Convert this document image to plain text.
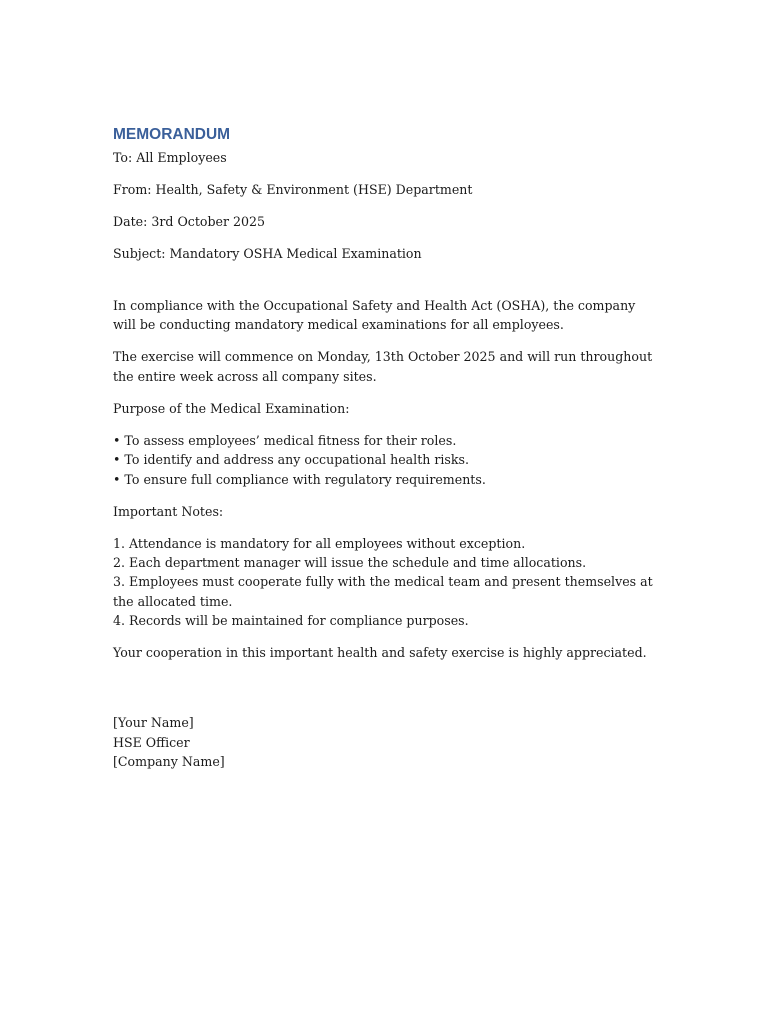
MEMORANDUM
To: All Employees
From: Health, Safety & Environment (HSE) Department
Date: 3rd October 2025
Subject: Mandatory OSHA Medical Examination
In compliance with the Occupational Safety and Health Act (OSHA), the company will be conducting mandatory medical examinations for all employees.
The exercise will commence on Monday, 13th October 2025 and will run throughout the entire week across all company sites.
Purpose of the Medical Examination:
• To assess employees’ medical fitness for their roles.
• To identify and address any occupational health risks.
• To ensure full compliance with regulatory requirements.
Important Notes:
1. Attendance is mandatory for all employees without exception.
2. Each department manager will issue the schedule and time allocations.
3. Employees must cooperate fully with the medical team and present themselves at the allocated time.
4. Records will be maintained for compliance purposes.
Your cooperation in this important health and safety exercise is highly appreciated.
[Your Name]
HSE Officer
[Company Name]
